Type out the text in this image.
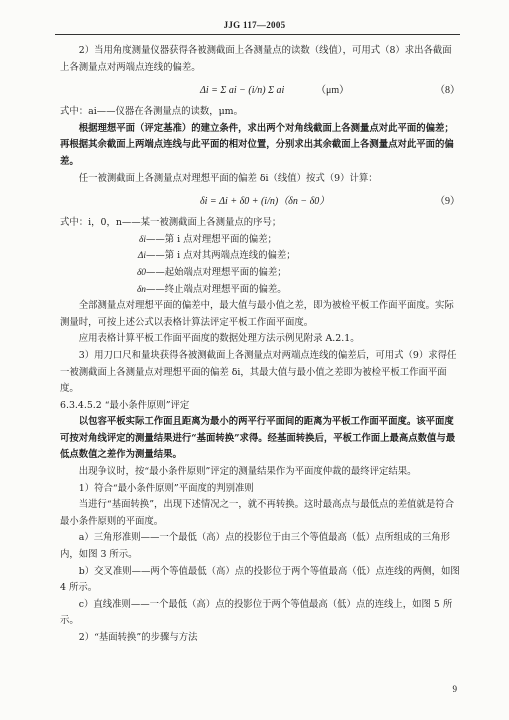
JJG 117—2005

2）当用角度测量仪器获得各被测截面上各测量点的读数（线值），可用式（8）求出各截面上各测量点对两端点连线的偏差。

Δi = Σ ai − (i/n) Σ ai	（μm）	（8）

式中：ai——仪器在各测量点的读数，μm。

根据理想平面（评定基准）的建立条件，求出两个对角线截面上各测量点对此平面的偏差；再根据其余截面上两端点连线与此平面的相对位置，分别求出其余截面上各测量点对此平面的偏差。

任一被测截面上各测量点对理想平面的偏差 δi（线值）按式（9）计算：

δi = Δi + δ0 + (i/n)（δn − δ0）	（9）

式中：i，0，n——某一被测截面上各测量点的序号；

δi——第 i 点对理想平面的偏差；

Δi——第 i 点对其两端点连线的偏差；

δ0——起始端点对理想平面的偏差；

δn——终止端点对理想平面的偏差。

全部测量点对理想平面的偏差中，最大值与最小值之差，即为被检平板工作面平面度。实际测量时，可按上述公式以表格计算法评定平板工作面平面度。

应用表格计算平板工作面平面度的数据处理方法示例见附录 A.2.1。

3）用刀口尺和量块获得各被测截面上各测量点对两端点连线的偏差后，可用式（9）求得任一被测截面上各测量点对理想平面的偏差 δi，其最大值与最小值之差即为被检平板工作面平面度。

6.3.4.5.2 “最小条件原则”评定

以包容平板实际工作面且距离为最小的两平行平面间的距离为平板工作面平面度。该平面度可按对角线评定的测量结果进行“基面转换”求得。经基面转换后，平板工作面上最高点数值与最低点数值之差作为测量结果。

出现争议时，按“最小条件原则”评定的测量结果作为平面度仲裁的最终评定结果。

1）符合“最小条件原则”平面度的判别准则

当进行“基面转换”，出现下述情况之一，就不再转换。这时最高点与最低点的差值就是符合最小条件原则的平面度。

a）三角形准则——一个最低（高）点的投影位于由三个等值最高（低）点所组成的三角形内，如图 3 所示。

b）交叉准则——两个等值最低（高）点的投影位于两个等值最高（低）点连线的两侧，如图 4 所示。

c）直线准则——一个最低（高）点的投影位于两个等值最高（低）点的连线上，如图 5 所示。

2）“基面转换”的步骤与方法

9
